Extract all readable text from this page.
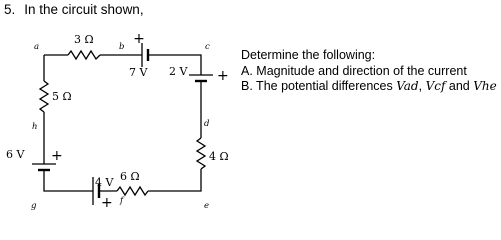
5. In the circuit shown,
a	b	c
d
e
f
g
h
3 Ω
5 Ω
4 Ω
6 Ω
7 V 2 V
6 V
4 V
+
+
+
+
Determine the following:
A. Magnitude and direction of the current
B. The potential differences Vad, Vcf and Vhe
